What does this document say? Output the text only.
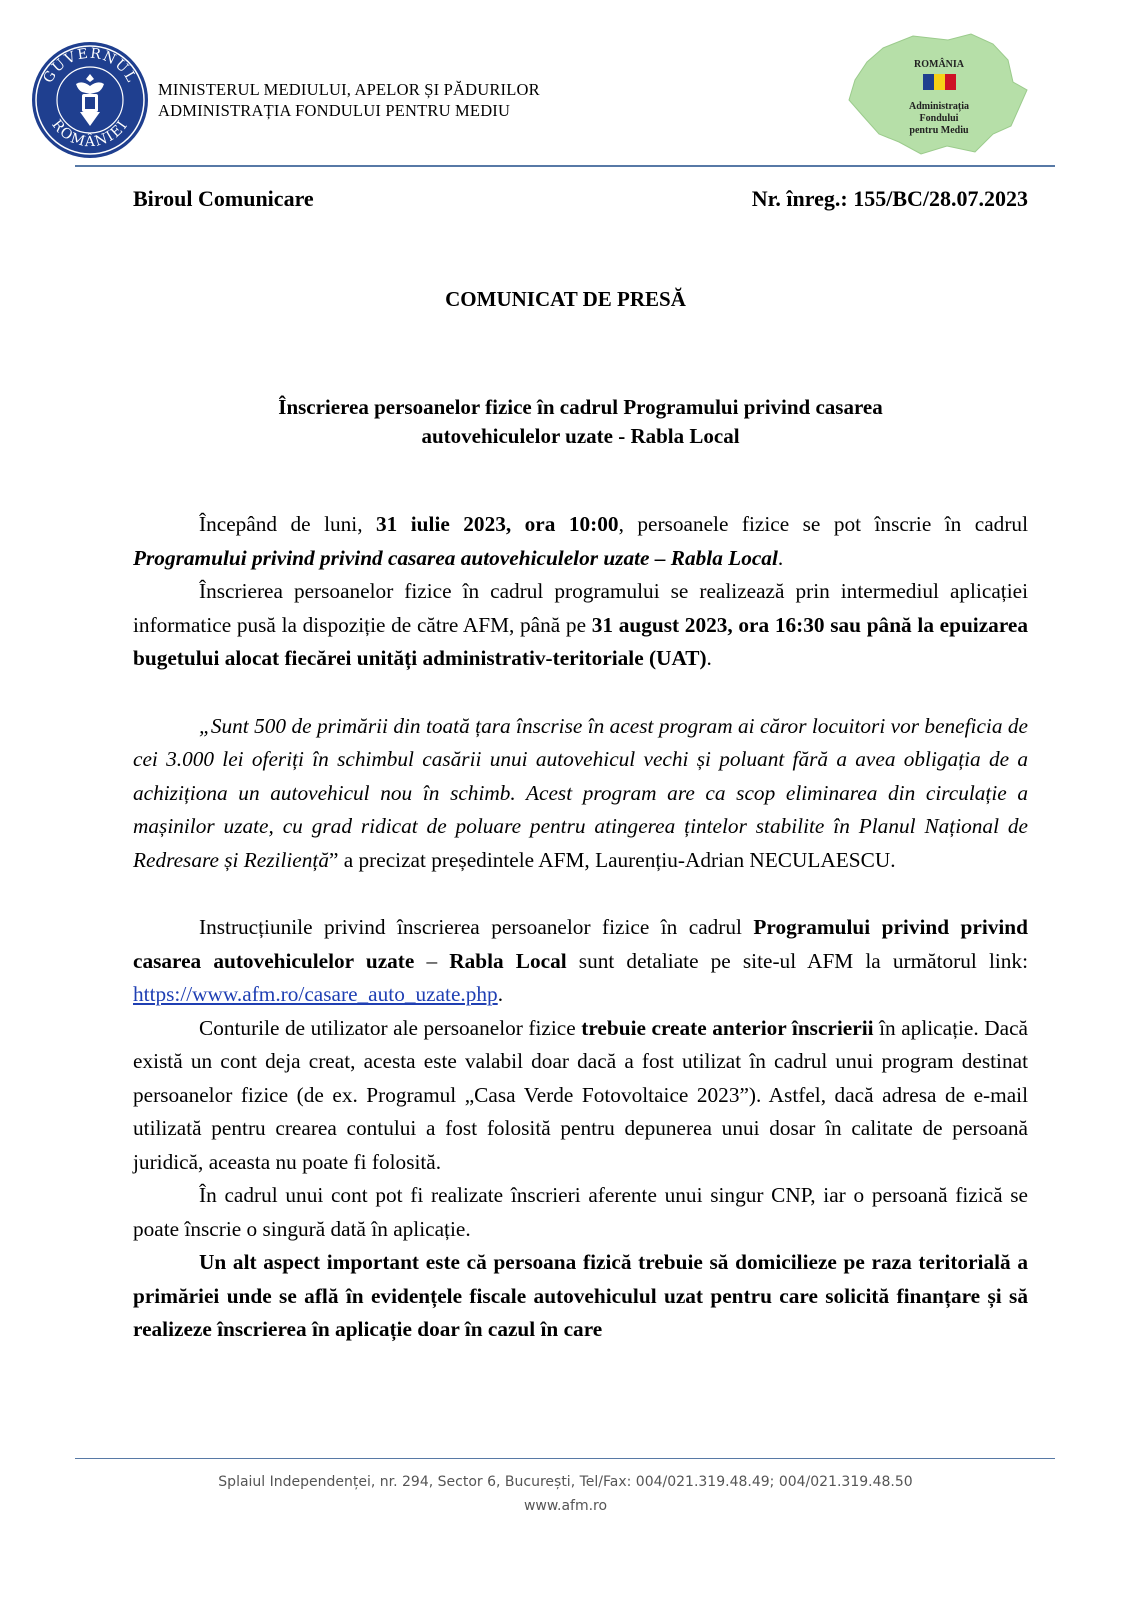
GUVERNUL
ROMÂNIEI
MINISTERUL MEDIULUI, APELOR ȘI PĂDURILOR
ADMINISTRAȚIA FONDULUI PENTRU MEDIU
ROMÂNIA
Administrația
Fondului
pentru Mediu
Biroul Comunicare	Nr. înreg.: 155/BC/28.07.2023
COMUNICAT DE PRESĂ
Înscrierea persoanelor fizice în cadrul Programului privind casarea
autovehiculelor uzate - Rabla Local

Începând de luni, 31 iulie 2023, ora 10:00, persoanele fizice se pot înscrie în cadrul Programului privind privind casarea autovehiculelor uzate – Rabla Local.

Înscrierea persoanelor fizice în cadrul programului se realizează prin intermediul aplicației informatice pusă la dispoziție de către AFM, până pe 31 august 2023, ora 16:30 sau până la epuizarea bugetului alocat fiecărei unități administrativ-teritoriale (UAT).

„Sunt 500 de primării din toată țara înscrise în acest program ai căror locuitori vor beneficia de cei 3.000 lei oferiți în schimbul casării unui autovehicul vechi și poluant fără a avea obligația de a achiziționa un autovehicul nou în schimb. Acest program are ca scop eliminarea din circulație a mașinilor uzate, cu grad ridicat de poluare pentru atingerea țintelor stabilite în Planul Național de Redresare și Reziliență” a precizat președintele AFM, Laurențiu-Adrian NECULAESCU.

Instrucțiunile privind înscrierea persoanelor fizice în cadrul Programului privind privind casarea autovehiculelor uzate – Rabla Local sunt detaliate pe site-ul AFM la următorul link: https://www.afm.ro/casare_auto_uzate.php.

Conturile de utilizator ale persoanelor fizice trebuie create anterior înscrierii în aplicație. Dacă există un cont deja creat, acesta este valabil doar dacă a fost utilizat în cadrul unui program destinat persoanelor fizice (de ex. Programul „Casa Verde Fotovoltaice 2023”). Astfel, dacă adresa de e-mail utilizată pentru crearea contului a fost folosită pentru depunerea unui dosar în calitate de persoană juridică, aceasta nu poate fi folosită.

În cadrul unui cont pot fi realizate înscrieri aferente unui singur CNP, iar o persoană fizică se poate înscrie o singură dată în aplicație.

Un alt aspect important este că persoana fizică trebuie să domicilieze pe raza teritorială a primăriei unde se află în evidențele fiscale autovehiculul uzat pentru care solicită finanțare și să realizeze înscrierea în aplicație doar în cazul în care

Splaiul Independenței, nr. 294, Sector 6, București, Tel/Fax: 004/021.319.48.49; 004/021.319.48.50
www.afm.ro
